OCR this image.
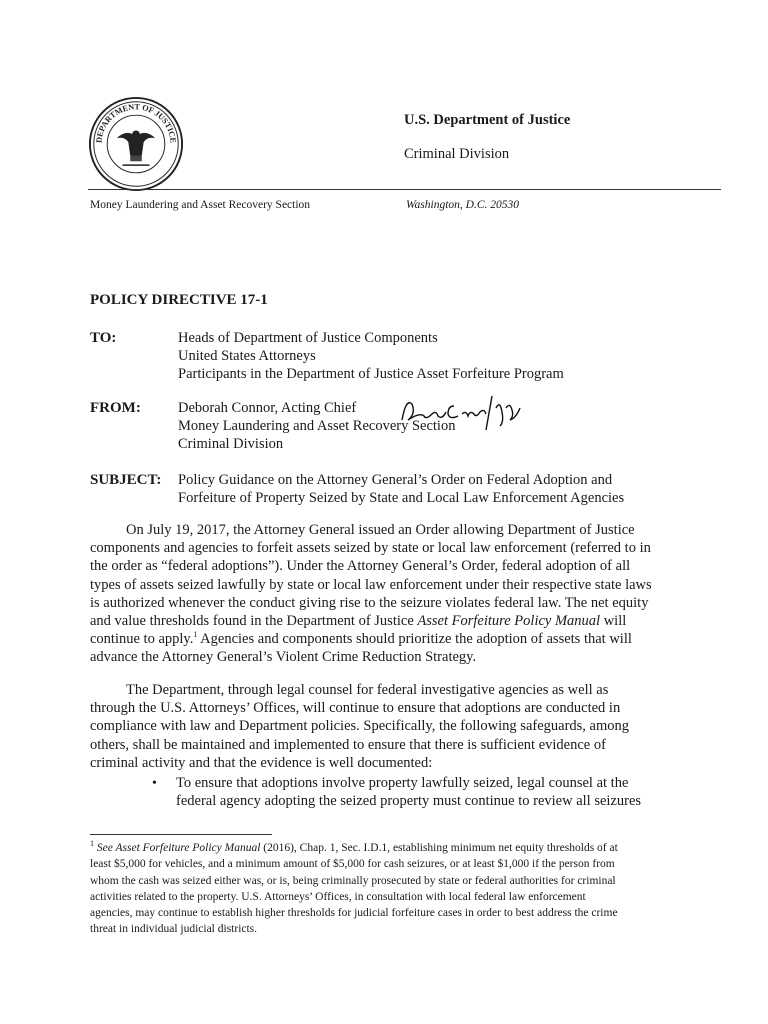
DEPARTMENT OF JUSTICE
U.S. Department of Justice
Criminal Division
Money Laundering and Asset Recovery Section	Washington, D.C. 20530
POLICY DIRECTIVE 17-1
TO:	Heads of Department of Justice Components
United States Attorneys
Participants in the Department of Justice Asset Forfeiture Program
FROM:	Deborah Connor, Acting Chief
Money Laundering and Asset Recovery Section
Criminal Division
SUBJECT: Policy Guidance on the Attorney General’s Order on Federal Adoption and
Forfeiture of Property Seized by State and Local Law Enforcement Agencies
On July 19, 2017, the Attorney General issued an Order allowing Department of Justice
components and agencies to forfeit assets seized by state or local law enforcement (referred to in
the order as “federal adoptions”). Under the Attorney General’s Order, federal adoption of all
types of assets seized lawfully by state or local law enforcement under their respective state laws
is authorized whenever the conduct giving rise to the seizure violates federal law. The net equity
and value thresholds found in the Department of Justice Asset Forfeiture Policy Manual will
continue to apply.$^1$ Agencies and components should prioritize the adoption of assets that will
advance the Attorney General’s Violent Crime Reduction Strategy.
The Department, through legal counsel for federal investigative agencies as well as
through the U.S. Attorneys’ Offices, will continue to ensure that adoptions are conducted in
compliance with law and Department policies. Specifically, the following safeguards, among
others, shall be maintained and implemented to ensure that there is sufficient evidence of
criminal activity and that the evidence is well documented:
• To ensure that adoptions involve property lawfully seized, legal counsel at the
federal agency adopting the seized property must continue to review all seizures
$^1$ See Asset Forfeiture Policy Manual (2016), Chap. 1, Sec. I.D.1, establishing minimum net equity thresholds of at
least $5,000 for vehicles, and a minimum amount of $5,000 for cash seizures, or at least $1,000 if the person from
whom the cash was seized either was, or is, being criminally prosecuted by state or federal authorities for criminal
activities related to the property. U.S. Attorneys’ Offices, in consultation with local federal law enforcement
agencies, may continue to establish higher thresholds for judicial forfeiture cases in order to best address the crime
threat in individual judicial districts.
